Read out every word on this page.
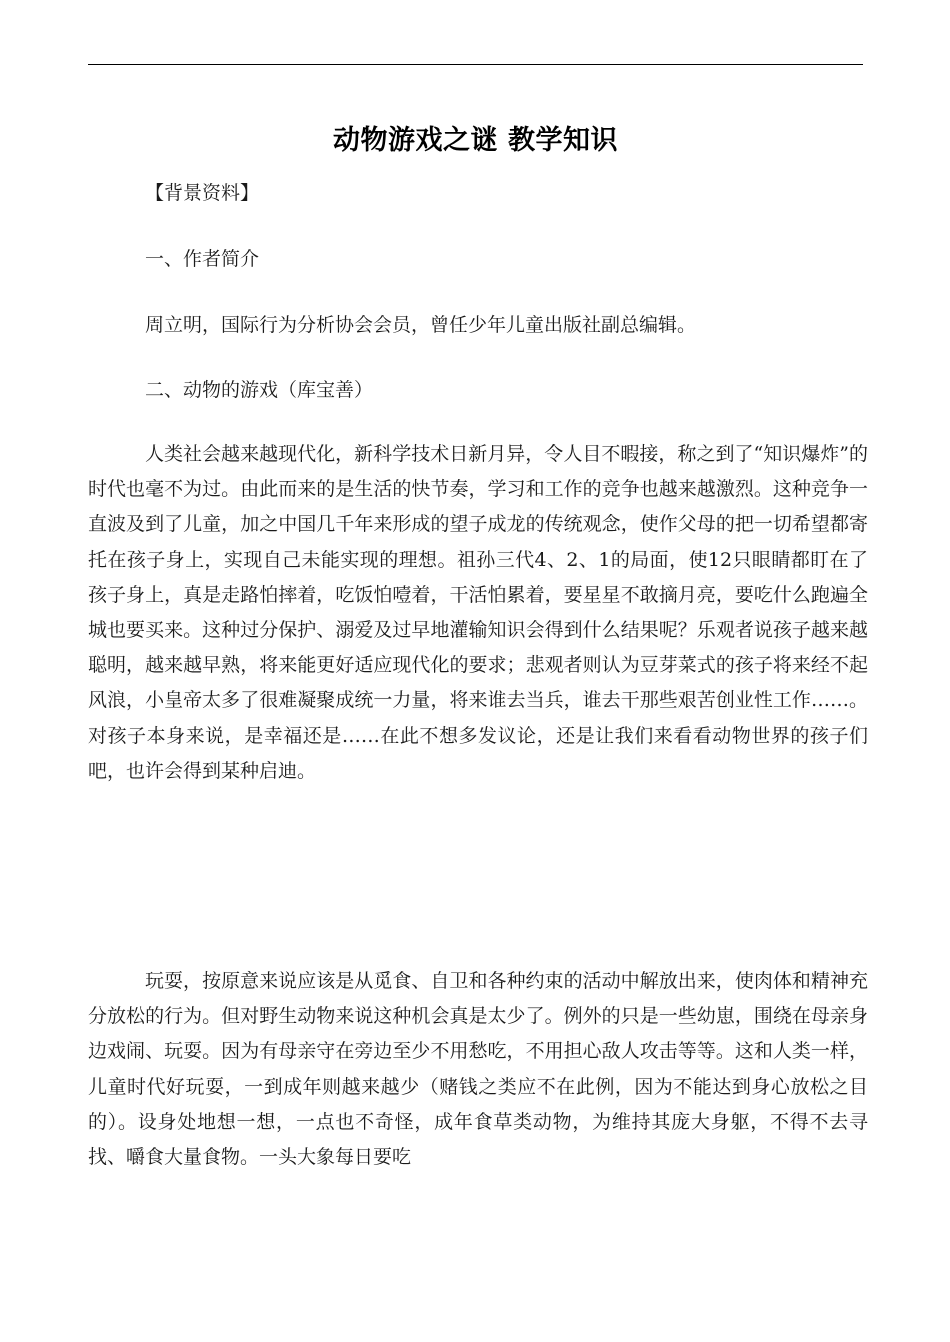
动物游戏之谜 教学知识
【背景资料】
一、作者简介
周立明，国际行为分析协会会员，曾任少年儿童出版社副总编辑。
二、动物的游戏（库宝善）

人类社会越来越现代化，新科学技术日新月异，令人目不暇接，称之到了“知识爆炸”的时代也毫不为过。由此而来的是生活的快节奏，学习和工作的竞争也越来越激烈。这种竞争一直波及到了儿童，加之中国几千年来形成的望子成龙的传统观念，使作父母的把一切希望都寄托在孩子身上，实现自己未能实现的理想。祖孙三代4、2、1的局面，使12只眼睛都盯在了孩子身上，真是走路怕摔着，吃饭怕噎着，干活怕累着，要星星不敢摘月亮，要吃什么跑遍全城也要买来。这种过分保护、溺爱及过早地灌输知识会得到什么结果呢？乐观者说孩子越来越聪明，越来越早熟，将来能更好适应现代化的要求；悲观者则认为豆芽菜式的孩子将来经不起风浪，小皇帝太多了很难凝聚成统一力量，将来谁去当兵，谁去干那些艰苦创业性工作……。对孩子本身来说，是幸福还是……在此不想多发议论，还是让我们来看看动物世界的孩子们吧，也许会得到某种启迪。

玩耍，按原意来说应该是从觅食、自卫和各种约束的活动中解放出来，使肉体和精神充分放松的行为。但对野生动物来说这种机会真是太少了。例外的只是一些幼崽，围绕在母亲身边戏闹、玩耍。因为有母亲守在旁边至少不用愁吃，不用担心敌人攻击等等。这和人类一样，儿童时代好玩耍，一到成年则越来越少（赌钱之类应不在此例，因为不能达到身心放松之目的）。设身处地想一想，一点也不奇怪，成年食草类动物，为维持其庞大身躯，不得不去寻找、嚼食大量食物。一头大象每日要吃
